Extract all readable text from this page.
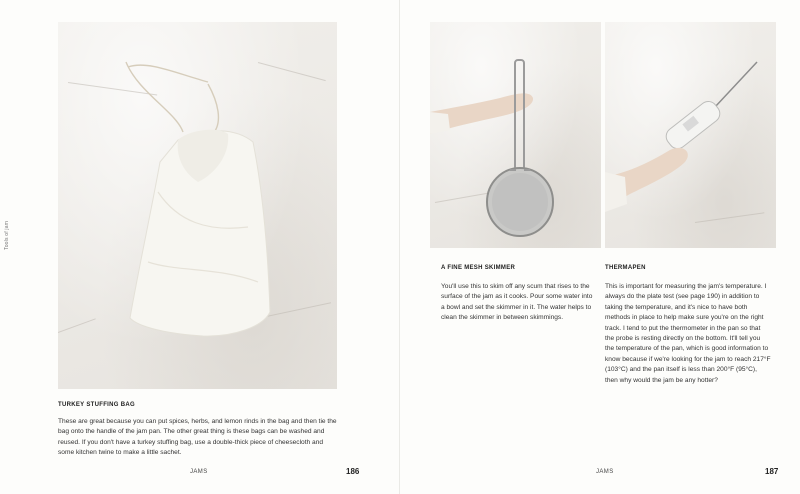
Tools of jam
TURKEY STUFFING BAG
These are great because you can put spices, herbs, and lemon rinds in the bag and then tie the bag onto the handle of the jam pan. The other great thing is these bags can be washed and reused. If you don't have a turkey stuffing bag, use a double-thick piece of cheesecloth and some kitchen twine to make a little sachet.
JAMS	186
A FINE MESH SKIMMER
You'll use this to skim off any scum that rises to the surface of the jam as it cooks. Pour some water into a bowl and set the skimmer in it. The water helps to clean the skimmer in between skimmings.
THERMAPEN
This is important for measuring the jam's temperature. I always do the plate test (see page 190) in addition to taking the temperature, and it's nice to have both methods in place to help make sure you're on the right track. I tend to put the thermometer in the pan so that the probe is resting directly on the bottom. It'll tell you the temperature of the pan, which is good information to know because if we're looking for the jam to reach 217°F (103°C) and the pan itself is less than 200°F (95°C), then why would the jam be any hotter?
JAMS	187
